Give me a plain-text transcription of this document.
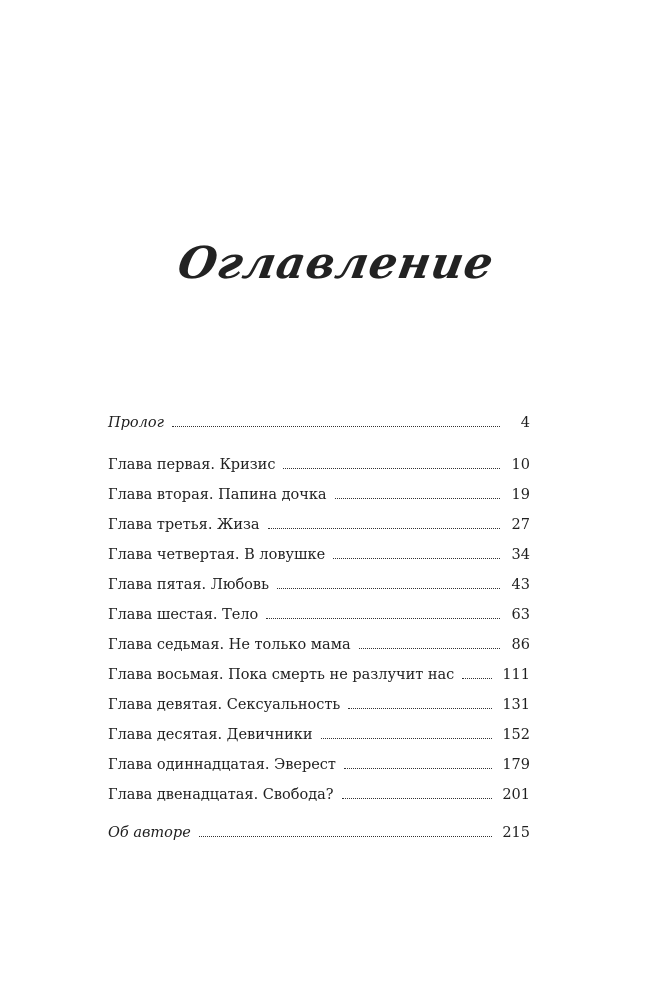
Оглавление
Пролог	4
Глава первая. Кризис	10
Глава вторая. Папина дочка	19
Глава третья. Жиза	27
Глава четвертая. В ловушке	34
Глава пятая. Любовь	43
Глава шестая. Тело	63
Глава седьмая. Не только мама	86
Глава восьмая. Пока смерть не разлучит нас	111
Глава девятая. Сексуальность	131
Глава десятая. Девичники	152
Глава одиннадцатая. Эверест	179
Глава двенадцатая. Свобода?	201
Об авторе	215
